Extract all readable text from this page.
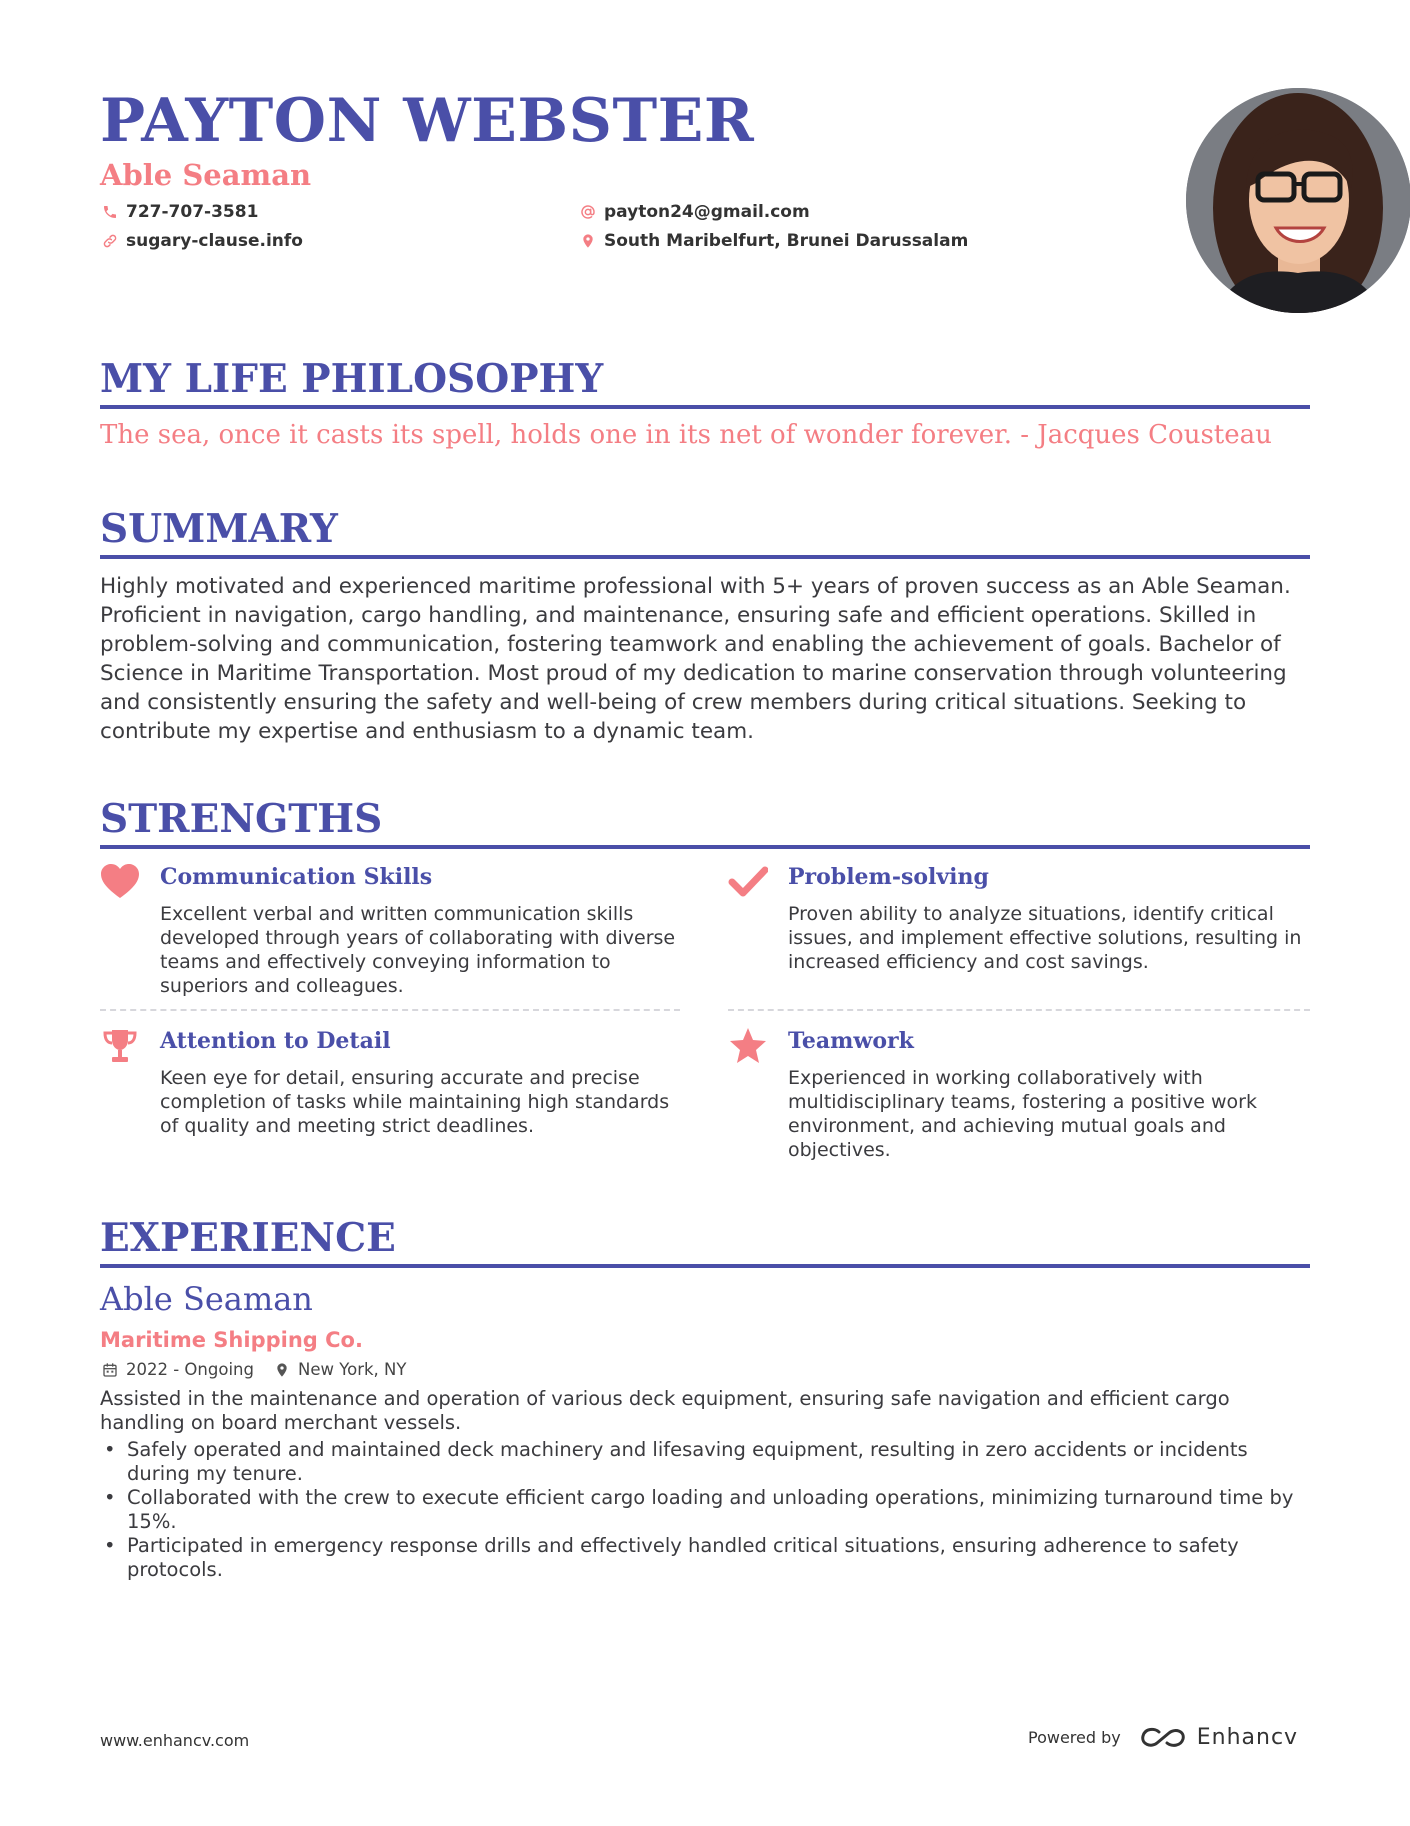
PAYTON WEBSTER
Able Seaman
727-707-3581	payton24@gmail.com
sugary-clause.info	South Maribelfurt, Brunei Darussalam
MY LIFE PHILOSOPHY
The sea, once it casts its spell, holds one in its net of wonder forever. - Jacques Cousteau
SUMMARY

Highly motivated and experienced maritime professional with 5+ years of proven success as an Able Seaman. Proficient in navigation, cargo handling, and maintenance, ensuring safe and efficient operations. Skilled in problem-solving and communication, fostering teamwork and enabling the achievement of goals. Bachelor of Science in Maritime Transportation. Most proud of my dedication to marine conservation through volunteering and consistently ensuring the safety and well-being of crew members during critical situations. Seeking to contribute my expertise and enthusiasm to a dynamic team.

STRENGTHS
Communication Skills

Excellent verbal and written communication skills developed through years of collaborating with diverse teams and effectively conveying information to superiors and colleagues.

Problem-solving

Proven ability to analyze situations, identify critical issues, and implement effective solutions, resulting in increased efficiency and cost savings.

Attention to Detail

Keen eye for detail, ensuring accurate and precise completion of tasks while maintaining high standards of quality and meeting strict deadlines.

Teamwork

Experienced in working collaboratively with multidisciplinary teams, fostering a positive work environment, and achieving mutual goals and objectives.

EXPERIENCE
Able Seaman
Maritime Shipping Co.
2022 - Ongoing	New York, NY

Assisted in the maintenance and operation of various deck equipment, ensuring safe navigation and efficient cargo handling on board merchant vessels.

• Safely operated and maintained deck machinery and lifesaving equipment, resulting in zero accidents or incidents during my tenure.
• Collaborated with the crew to execute efficient cargo loading and unloading operations, minimizing turnaround time by 15%.
• Participated in emergency response drills and effectively handled critical situations, ensuring adherence to safety protocols.
www.enhancv.com	Powered by	Enhancv
